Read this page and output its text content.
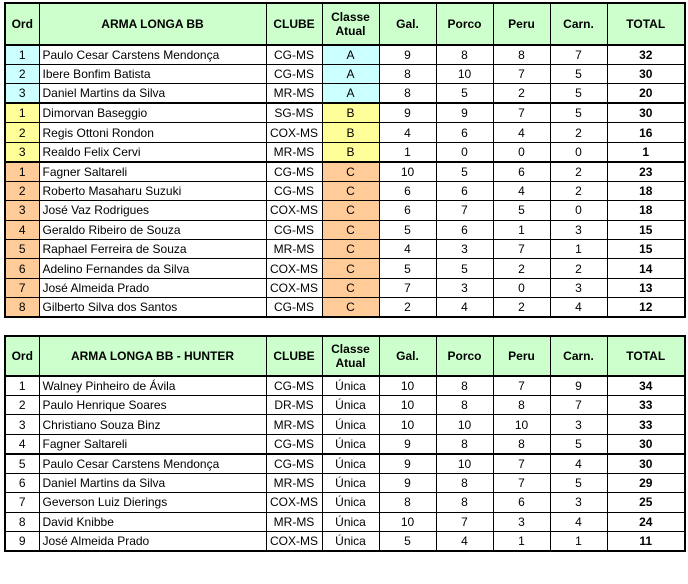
Ord	ARMA LONGA BB	CLUBE	Classe Atual	Gal.	Porco	Peru	Carn.	TOTAL
1	Paulo Cesar Carstens Mendonça	CG-MS	A	9	8	8	7	32
2	Ibere Bonfim Batista	CG-MS	A	8	10	7	5	30
3	Daniel Martins da Silva	MR-MS	A	8	5	2	5	20
1	Dimorvan Baseggio	SG-MS	B	9	9	7	5	30
2	Regis Ottoni Rondon	COX-MS	B	4	6	4	2	16
3	Realdo Felix Cervi	MR-MS	B	1	0	0	0	1
1	Fagner Saltareli	CG-MS	C	10	5	6	2	23
2	Roberto Masaharu Suzuki	CG-MS	C	6	6	4	2	18
3	José Vaz Rodrigues	COX-MS	C	6	7	5	0	18
4	Geraldo Ribeiro de Souza	CG-MS	C	5	6	1	3	15
5	Raphael Ferreira de Souza	MR-MS	C	4	3	7	1	15
6	Adelino Fernandes da Silva	COX-MS	C	5	5	2	2	14
7	José Almeida Prado	COX-MS	C	7	3	0	3	13
8	Gilberto Silva dos Santos	CG-MS	C	2	4	2	4	12
Ord	ARMA LONGA BB - HUNTER	CLUBE	Classe Atual	Gal.	Porco	Peru	Carn.	TOTAL
1	Walney Pinheiro de Ávila	CG-MS	Única	10	8	7	9	34
2	Paulo Henrique Soares	DR-MS	Única	10	8	8	7	33
3	Christiano Souza Binz	MR-MS	Única	10	10	10	3	33
4	Fagner Saltareli	CG-MS	Única	9	8	8	5	30
5	Paulo Cesar Carstens Mendonça	CG-MS	Única	9	10	7	4	30
6	Daniel Martins da Silva	MR-MS	Única	9	8	7	5	29
7	Geverson Luiz Dierings	COX-MS	Única	8	8	6	3	25
8	David Knibbe	MR-MS	Única	10	7	3	4	24
9	José Almeida Prado	COX-MS	Única	5	4	1	1	11
